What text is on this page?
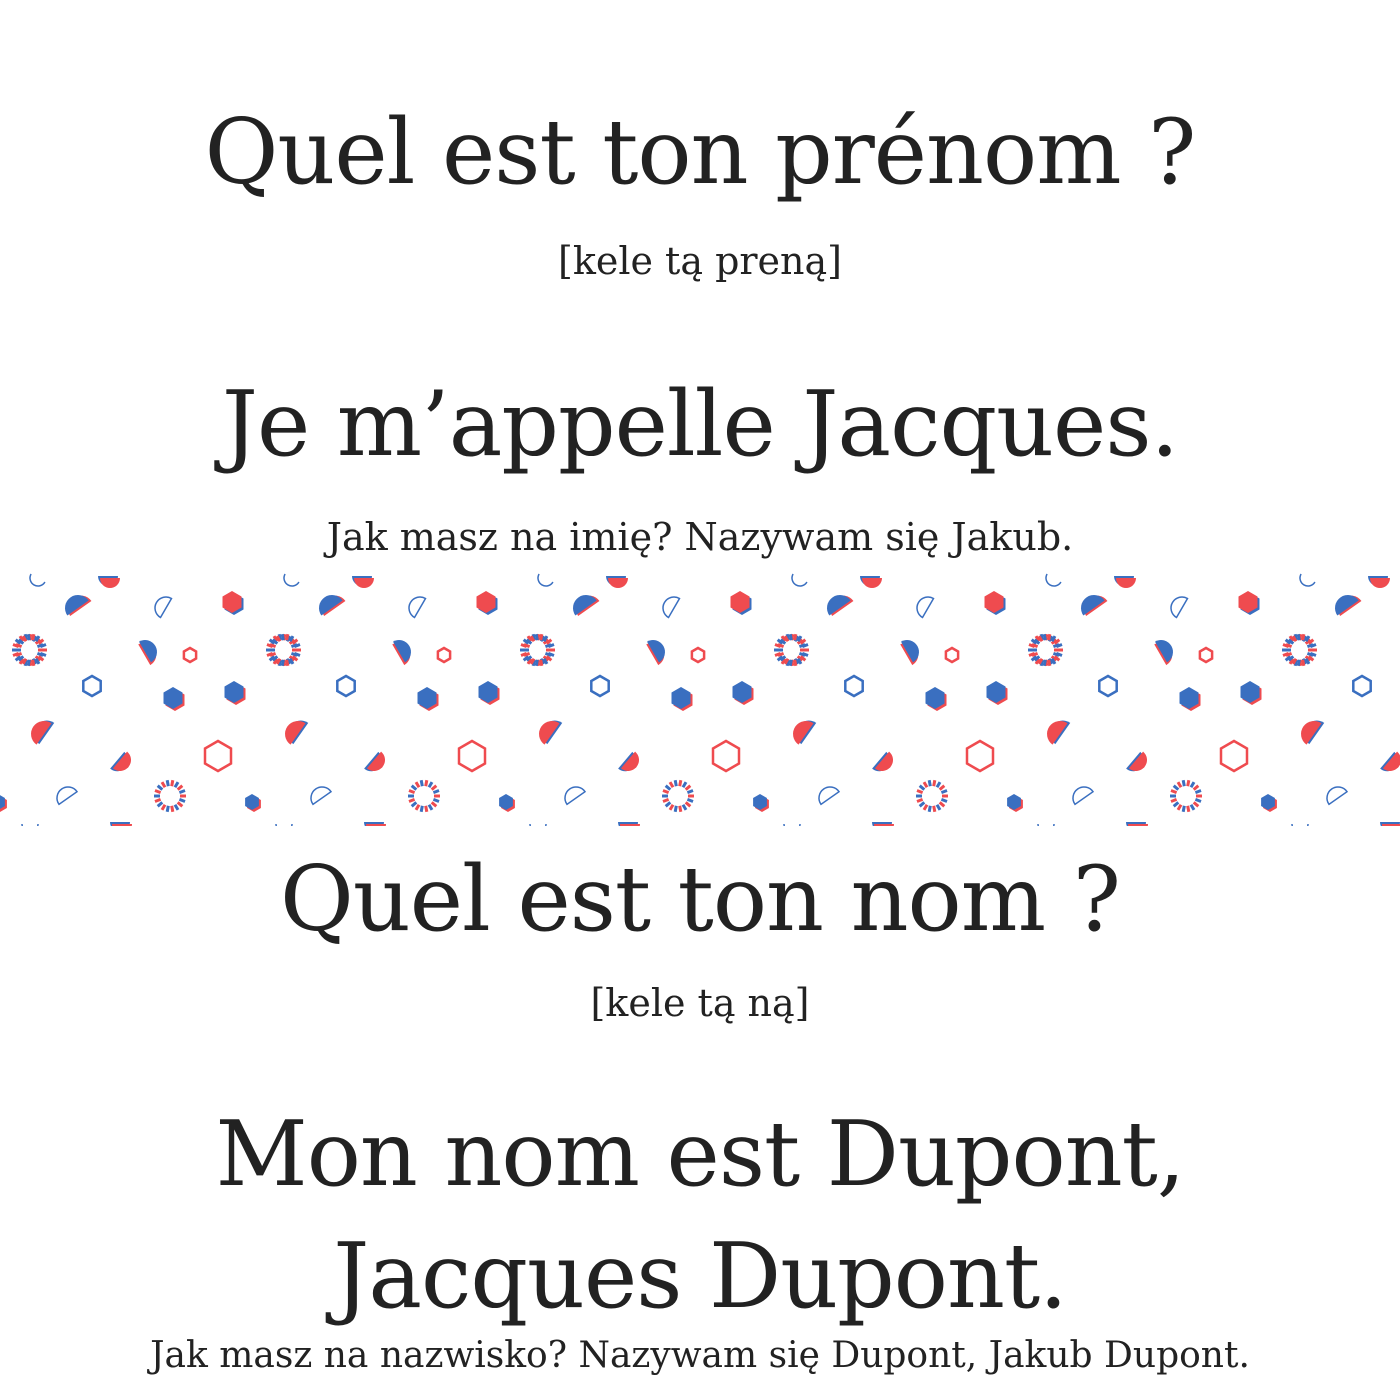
Quel est ton prénom ?
[kele tą preną]
Je m’appelle Jacques.
Jak masz na imię? Nazywam się Jakub.
Quel est ton nom ?
[kele tą ną]
Mon nom est Dupont,
Jacques Dupont.
Jak masz na nazwisko? Nazywam się Dupont, Jakub Dupont.
